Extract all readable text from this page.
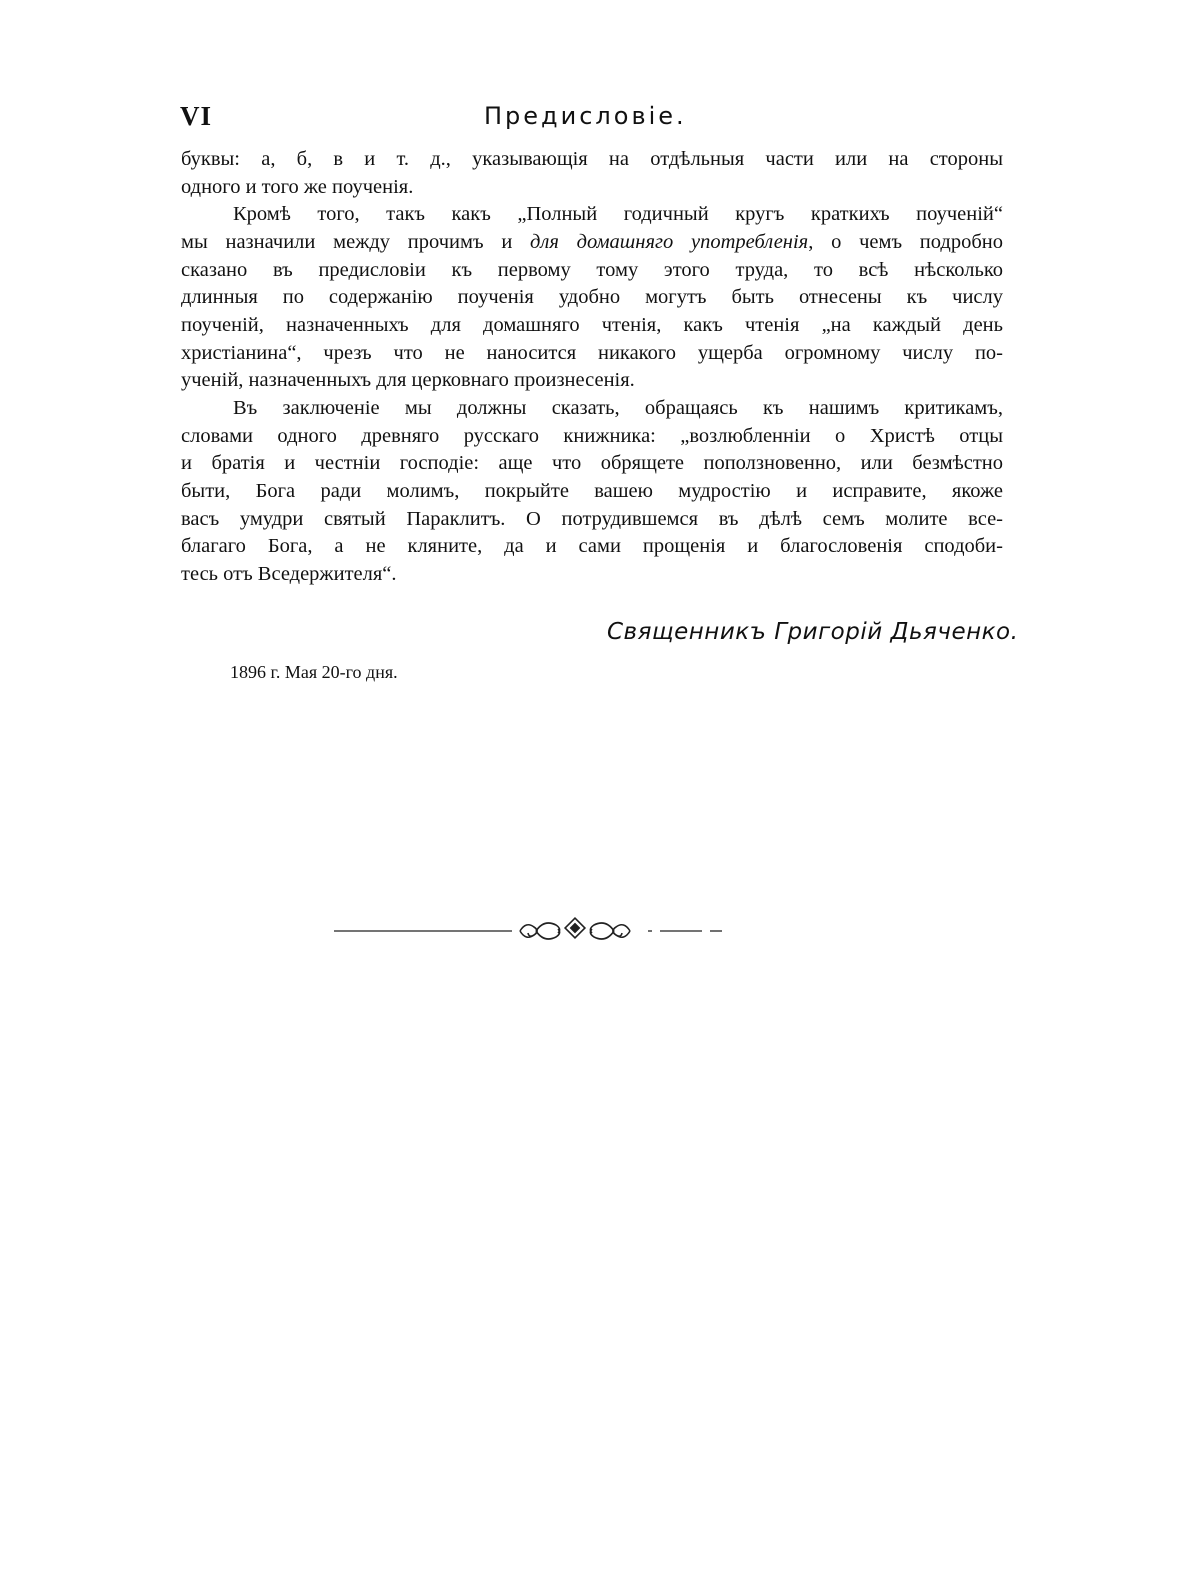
VI	Предисловіе.
буквы: а, б, в и т. д., указывающія на отдѣльныя части или на стороны
одного и того же поученія.
Кромѣ того, такъ какъ „Полный годичный кругъ краткихъ поученій“
мы назначили между прочимъ и для домашняго употребленія, о чемъ подробно
сказано въ предисловіи къ первому тому этого труда, то всѣ нѣсколько
длинныя по содержанію поученія удобно могутъ быть отнесены къ числу
поученій, назначенныхъ для домашняго чтенія, какъ чтенія „на каждый день
христіанина“, чрезъ что не наносится никакого ущерба огромному числу по-
ученій, назначенныхъ для церковнаго произнесенія.
Въ заключеніе мы должны сказать, обращаясь къ нашимъ критикамъ,
словами одного древняго русскаго книжника: „возлюбленніи о Христѣ отцы
и братія и честніи господіе: аще что обрящете поползновенно, или безмѣстно
быти, Бога ради молимъ, покрыйте вашею мудростію и исправите, якоже
васъ умудри святый Параклитъ. О потрудившемся въ дѣлѣ семъ молите все-
благаго Бога, а не кляните, да и сами прощенія и благословенія сподоби-
тесь отъ Вседержителя“.
Священникъ Григорій Дьяченко.
1896 г. Мая 20-го дня.
